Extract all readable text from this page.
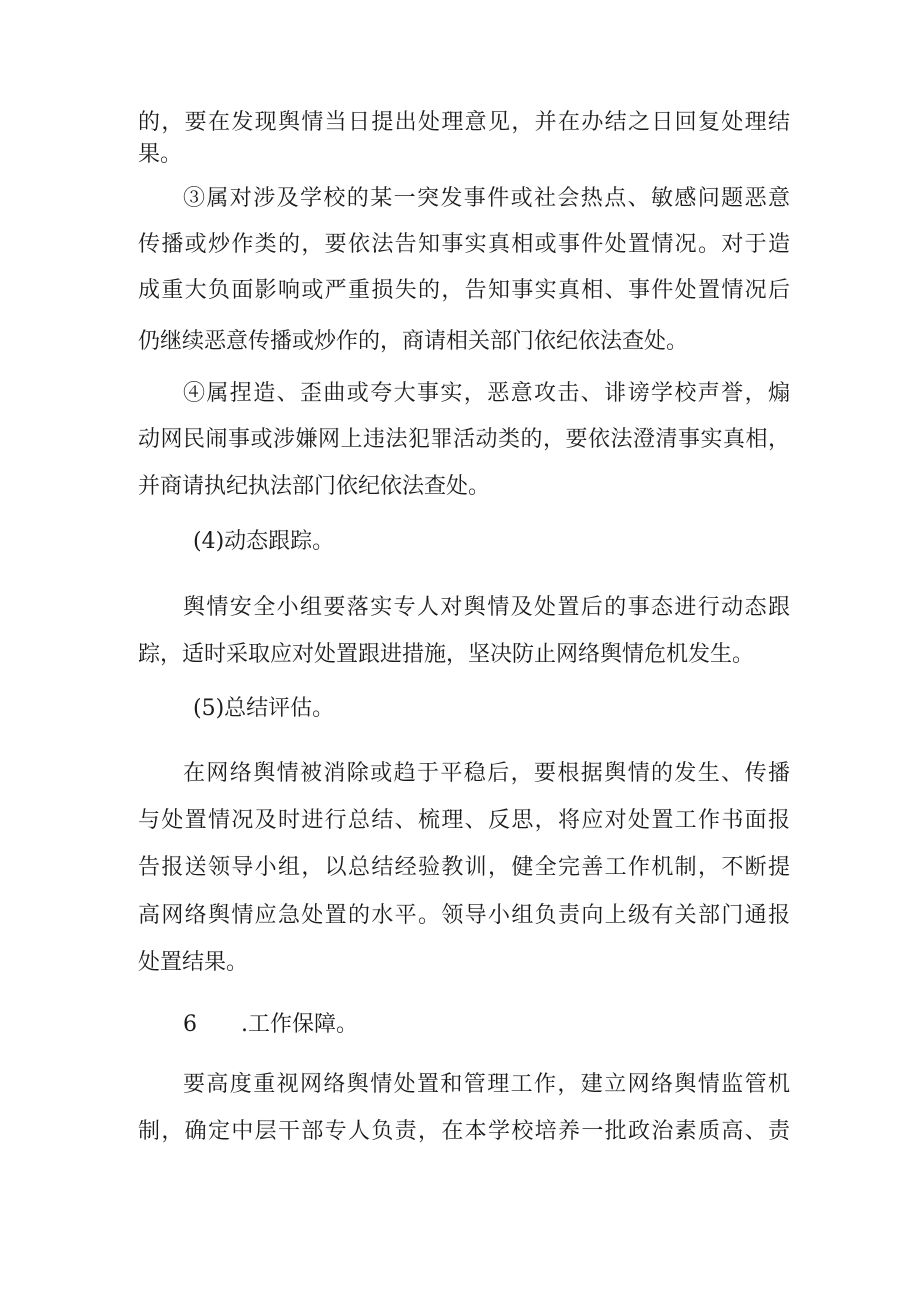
的，要在发现舆情当日提出处理意见，并在办结之日回复处理结
果。
③属对涉及学校的某一突发事件或社会热点、敏感问题恶意
传播或炒作类的，要依法告知事实真相或事件处置情况。对于造
成重大负面影响或严重损失的，告知事实真相、事件处置情况后
仍继续恶意传播或炒作的，商请相关部门依纪依法查处。
④属捏造、歪曲或夸大事实，恶意攻击、诽谤学校声誉，煽
动网民闹事或涉嫌网上违法犯罪活动类的，要依法澄清事实真相，
并商请执纪执法部门依纪依法查处。
(4)动态跟踪。
舆情安全小组要落实专人对舆情及处置后的事态进行动态跟
踪，适时采取应对处置跟进措施，坚决防止网络舆情危机发生。
(5)总结评估。
在网络舆情被消除或趋于平稳后，要根据舆情的发生、传播
与处置情况及时进行总结、梳理、反思，将应对处置工作书面报
告报送领导小组，以总结经验教训，健全完善工作机制，不断提
高网络舆情应急处置的水平。领导小组负责向上级有关部门通报
处置结果。
6 .工作保障。
要高度重视网络舆情处置和管理工作，建立网络舆情监管机
制，确定中层干部专人负责，在本学校培养一批政治素质高、责
